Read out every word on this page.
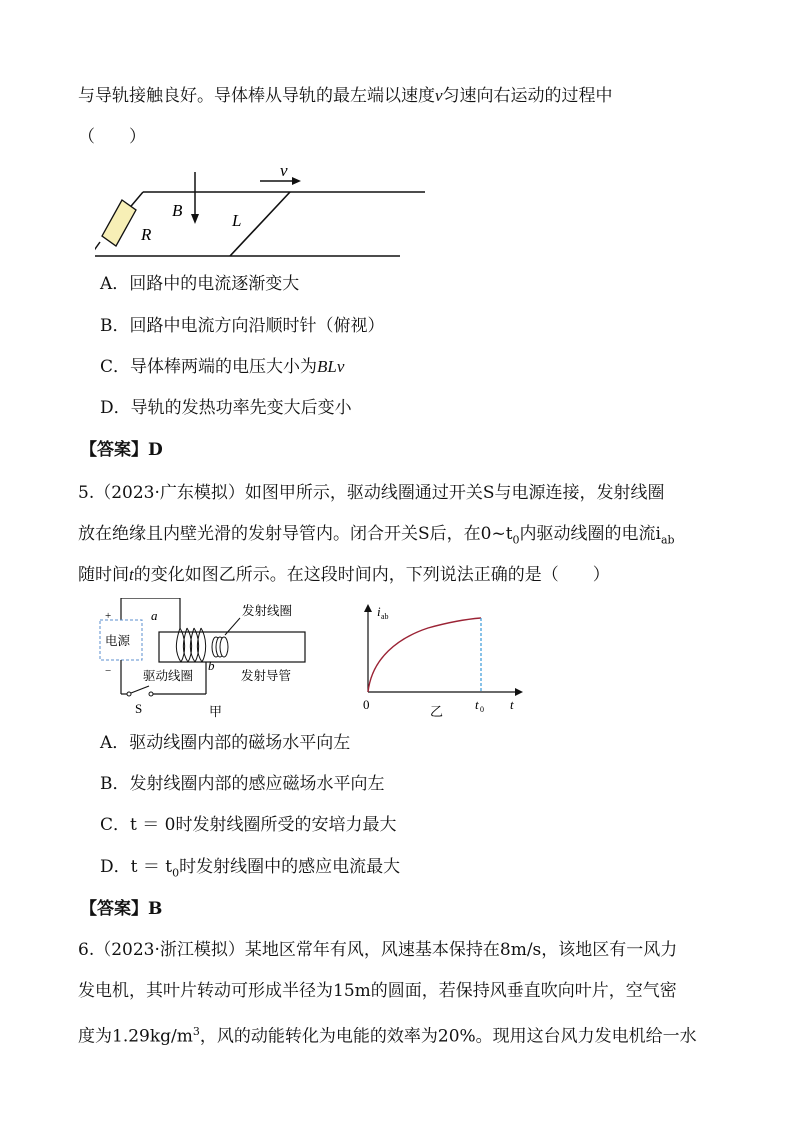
与导轨接触良好。导体棒从导轨的最左端以速度v匀速向右运动的过程中
（　　）
v
B
L
R
A．回路中的电流逐渐变大
B．回路中电流方向沿顺时针（俯视）
C．导体棒两端的电压大小为BLv
D．导轨的发热功率先变大后变小
【答案】D
5.（2023·广东模拟）如图甲所示，驱动线圈通过开关S与电源连接，发射线圈
放在绝缘且内壁光滑的发射导管内。闭合开关S后，在$0\sim t_0$内驱动线圈的电流$i_{ab}$
随时间t的变化如图乙所示。在这段时间内，下列说法正确的是（　　）
电源
+
−
S
发射线圈
a
b
驱动线圈	发射导管
甲
i ab
0	t 0 t
乙
A．驱动线圈内部的磁场水平向左
B．发射线圈内部的感应磁场水平向左
C．t ＝ 0时发射线圈所受的安培力最大
D．$t = t_0$时发射线圈中的感应电流最大
【答案】B
6.（2023·浙江模拟）某地区常年有风，风速基本保持在8m/s，该地区有一风力
发电机，其叶片转动可形成半径为15m的圆面，若保持风垂直吹向叶片，空气密
度为$1.29kg/m^3$，风的动能转化为电能的效率为20%。现用这台风力发电机给一水
